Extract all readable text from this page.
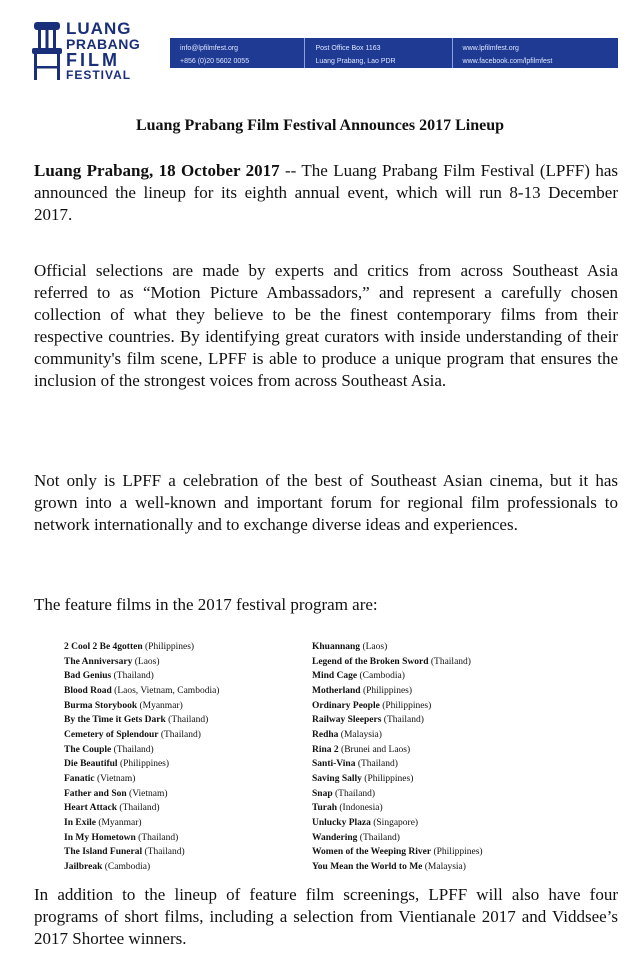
LUANG
PRABANG
FILM
FESTIVAL
info@lpfilmfest.org
+856 (0)20 5602 0055
Post Office Box 1163
Luang Prabang, Lao PDR
www.lpfilmfest.org
www.facebook.com/lpfilmfest
Luang Prabang Film Festival Announces 2017 Lineup
Luang Prabang, 18 October 2017 -- The Luang Prabang Film Festival (LPFF) has announced the lineup for its eighth annual event, which will run 8-13 December 2017.
Official selections are made by experts and critics from across Southeast Asia referred to as “Motion Picture Ambassadors,” and represent a carefully chosen collection of what they believe to be the finest contemporary films from their respective countries. By identifying great curators with inside understanding of their community's film scene, LPFF is able to produce a unique program that ensures the inclusion of the strongest voices from across Southeast Asia.
Not only is LPFF a celebration of the best of Southeast Asian cinema, but it has grown into a well-known and important forum for regional film professionals to network internationally and to exchange diverse ideas and experiences.
The feature films in the 2017 festival program are:
2 Cool 2 Be 4gotten (Philippines)
The Anniversary (Laos)
Bad Genius (Thailand)
Blood Road (Laos, Vietnam, Cambodia)
Burma Storybook (Myanmar)
By the Time it Gets Dark (Thailand)
Cemetery of Splendour (Thailand)
The Couple (Thailand)
Die Beautiful (Philippines)
Fanatic (Vietnam)
Father and Son (Vietnam)
Heart Attack (Thailand)
In Exile (Myanmar)
In My Hometown (Thailand)
The Island Funeral (Thailand)
Jailbreak (Cambodia)
Khuannang (Laos)
Legend of the Broken Sword (Thailand)
Mind Cage (Cambodia)
Motherland (Philippines)
Ordinary People (Philippines)
Railway Sleepers (Thailand)
Redha (Malaysia)
Rina 2 (Brunei and Laos)
Santi-Vina (Thailand)
Saving Sally (Philippines)
Snap (Thailand)
Turah (Indonesia)
Unlucky Plaza (Singapore)
Wandering (Thailand)
Women of the Weeping River (Philippines)
You Mean the World to Me (Malaysia)
In addition to the lineup of feature film screenings, LPFF will also have four programs of short films, including a selection from Vientianale 2017 and Viddsee’s 2017 Shortee winners.
